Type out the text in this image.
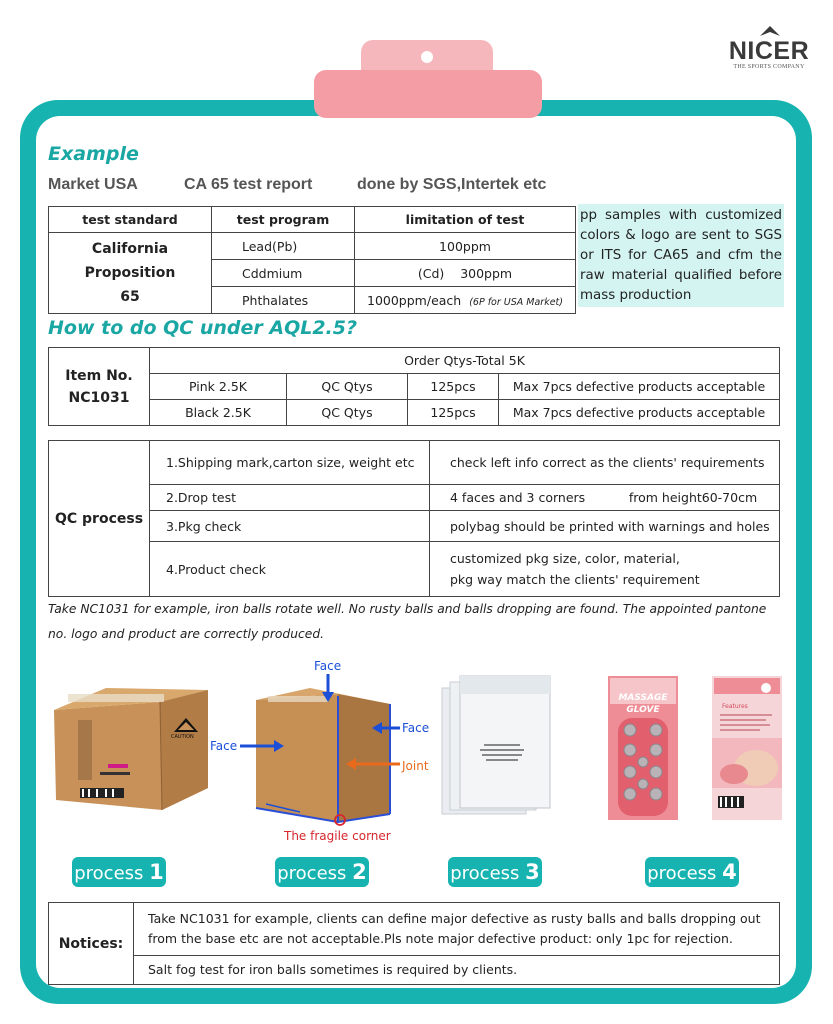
NICER
THE SPORTS COMPANY
Example
Market USA	CA 65 test report	done by SGS,Intertek etc
test standard	test program	limitation of test
California Proposition 65	Lead(Pb)	100ppm
	Cddmium	(Cd)    300ppm
	Phthalates	1000ppm/each (6P for USA Market)
pp samples with customized colors & logo are sent to SGS or ITS for CA65 and cfm the raw material qualified before mass production
How to do QC under AQL2.5?
Item No. NC1031	Order Qtys-Total 5K			
	Pink 2.5K	QC Qtys	125pcs	Max 7pcs defective products acceptable
	Black 2.5K	QC Qtys	125pcs	Max 7pcs defective products acceptable
QC process	1.Shipping mark,carton size, weight etc	check left info correct as the clients' requirements
	2.Drop test	4 faces and 3 corners           from height60-70cm
	3.Pkg check	polybag should be printed with warnings and holes
	4.Product check	customized pkg size, color, material,
pkg way match the clients' requirement
Take NC1031 for example, iron balls rotate well. No rusty balls and balls dropping are found. The appointed pantone no. logo and product are correctly produced.
CAUTION
Face
Face
Face
Joint
The fragile corner
MASSAGE
GLOVE	Features
process 1	process 2	process 3	process 4
Notices:	Take NC1031 for example, clients can define major defective as rusty balls and balls dropping out from the base etc are not acceptable.Pls note major defective product: only 1pc for rejection.
Salt fog test for iron balls sometimes is required by clients.
